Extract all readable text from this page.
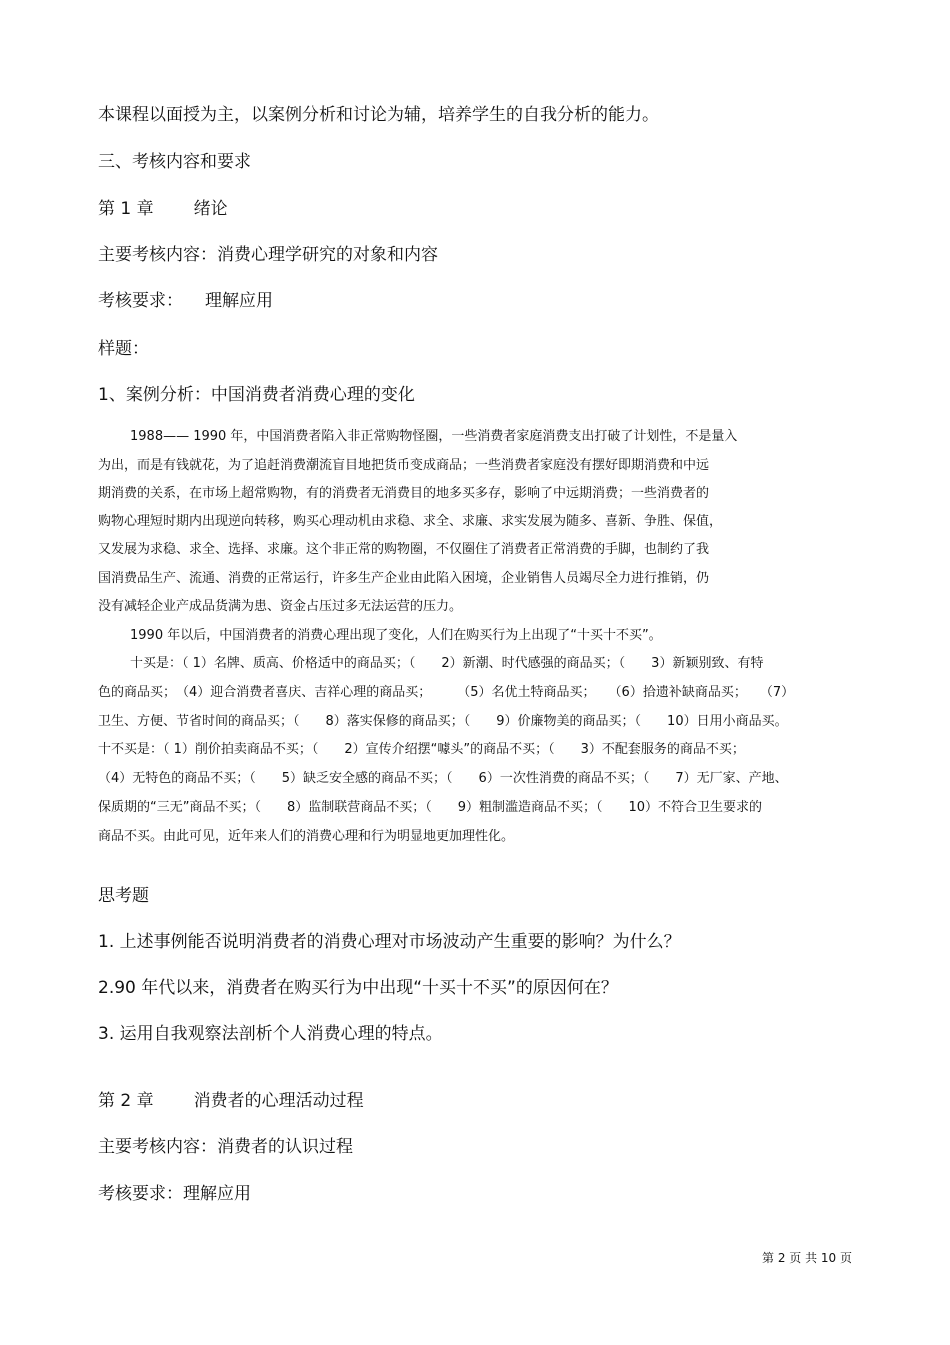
本课程以面授为主，以案例分析和讨论为辅，培养学生的自我分析的能力。
三、考核内容和要求
第 1 章 绪论
主要考核内容：消费心理学研究的对象和内容
考核要求： 理解应用
样题：
1、案例分析：中国消费者消费心理的变化
1988—— 1990 年，中国消费者陷入非正常购物怪圈，一些消费者家庭消费支出打破了计划性，不是量入
为出，而是有钱就花，为了追赶消费潮流盲目地把货币变成商品；一些消费者家庭没有摆好即期消费和中远
期消费的关系，在市场上超常购物，有的消费者无消费目的地多买多存，影响了中远期消费；一些消费者的
购物心理短时期内出现逆向转移，购买心理动机由求稳、求全、求廉、求实发展为随多、喜新、争胜、保值，
又发展为求稳、求全、选择、求廉。这个非正常的购物圈，不仅圈住了消费者正常消费的手脚，也制约了我
国消费品生产、流通、消费的正常运行，许多生产企业由此陷入困境，企业销售人员竭尽全力进行推销，仍
没有减轻企业产成品货满为患、资金占压过多无法运营的压力。
1990 年以后，中国消费者的消费心理出现了变化，人们在购买行为上出现了“十买十不买”。
十买是：（ 1）名牌、质高、价格适中的商品买；（　　2）新潮、时代感强的商品买；（　　3）新颖别致、有特
色的商品买；　（4）迎合消费者喜庆、吉祥心理的商品买；　　　（5）名优土特商品买；　　（6）拾遗补缺商品买；　　（7）
卫生、方便、节省时间的商品买；（　　8）落实保修的商品买；（　　9）价廉物美的商品买；（　　10）日用小商品买。
十不买是：（ 1）削价拍卖商品不买；（　　2）宣传介绍摆“噱头”的商品不买；（　　3）不配套服务的商品不买；
（4）无特色的商品不买；（　　5）缺乏安全感的商品不买；（　　6）一次性消费的商品不买；（　　7）无厂家、产地、
保质期的“三无”商品不买；（　　8）监制联营商品不买；（　　9）粗制滥造商品不买；（　　10）不符合卫生要求的
商品不买。由此可见，近年来人们的消费心理和行为明显地更加理性化。
思考题
1. 上述事例能否说明消费者的消费心理对市场波动产生重要的影响？为什么？
2.90 年代以来，消费者在购买行为中出现“十买十不买”的原因何在？
3. 运用自我观察法剖析个人消费心理的特点。
第 2 章 消费者的心理活动过程
主要考核内容：消费者的认识过程
考核要求：理解应用
第 2 页 共 10 页
